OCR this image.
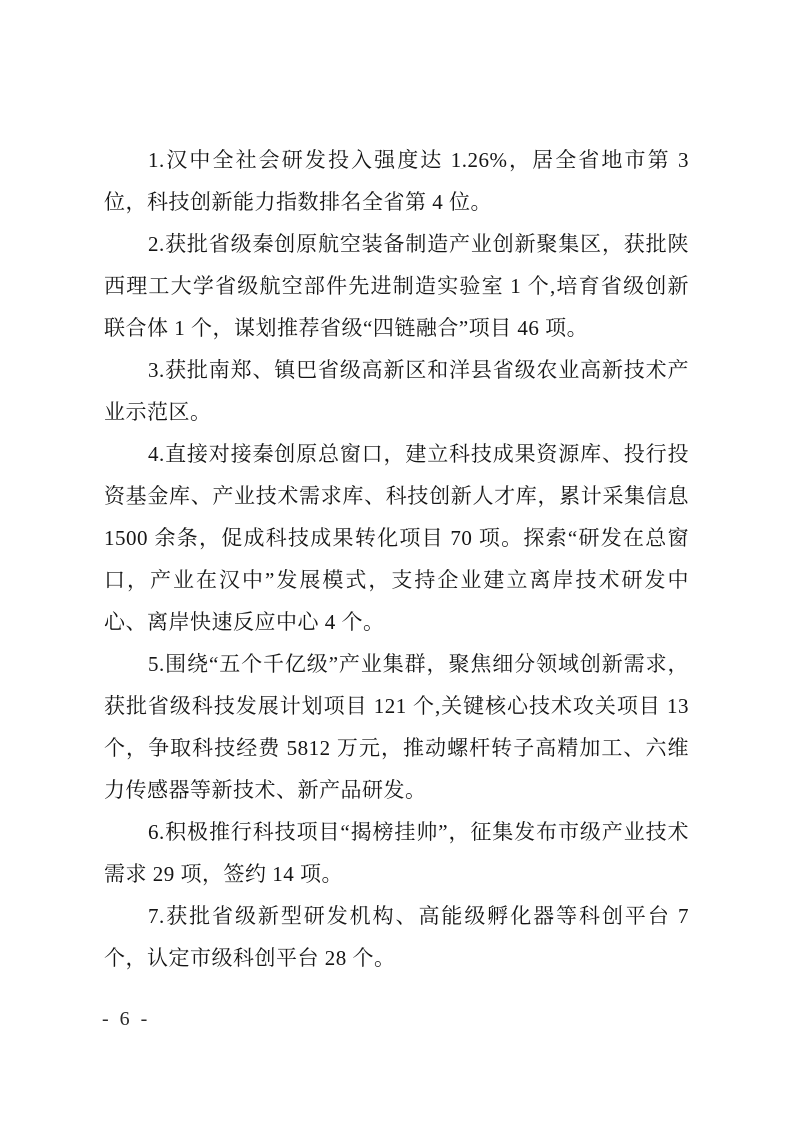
1.汉中全社会研发投入强度达 1.26%，居全省地市第 3 位，科技创新能力指数排名全省第 4 位。

2.获批省级秦创原航空装备制造产业创新聚集区，获批陕西理工大学省级航空部件先进制造实验室 1 个,培育省级创新联合体 1 个，谋划推荐省级“四链融合”项目 46 项。

3.获批南郑、镇巴省级高新区和洋县省级农业高新技术产业示范区。

4.直接对接秦创原总窗口，建立科技成果资源库、投行投资基金库、产业技术需求库、科技创新人才库，累计采集信息 1500 余条，促成科技成果转化项目 70 项。探索“研发在总窗口，产业在汉中”发展模式，支持企业建立离岸技术研发中心、离岸快速反应中心 4 个。

5.围绕“五个千亿级”产业集群，聚焦细分领域创新需求，获批省级科技发展计划项目 121 个,关键核心技术攻关项目 13 个，争取科技经费 5812 万元，推动螺杆转子高精加工、六维力传感器等新技术、新产品研发。

6.积极推行科技项目“揭榜挂帅”，征集发布市级产业技术需求 29 项，签约 14 项。

7.获批省级新型研发机构、高能级孵化器等科创平台 7 个，认定市级科创平台 28 个。

- 6 -
